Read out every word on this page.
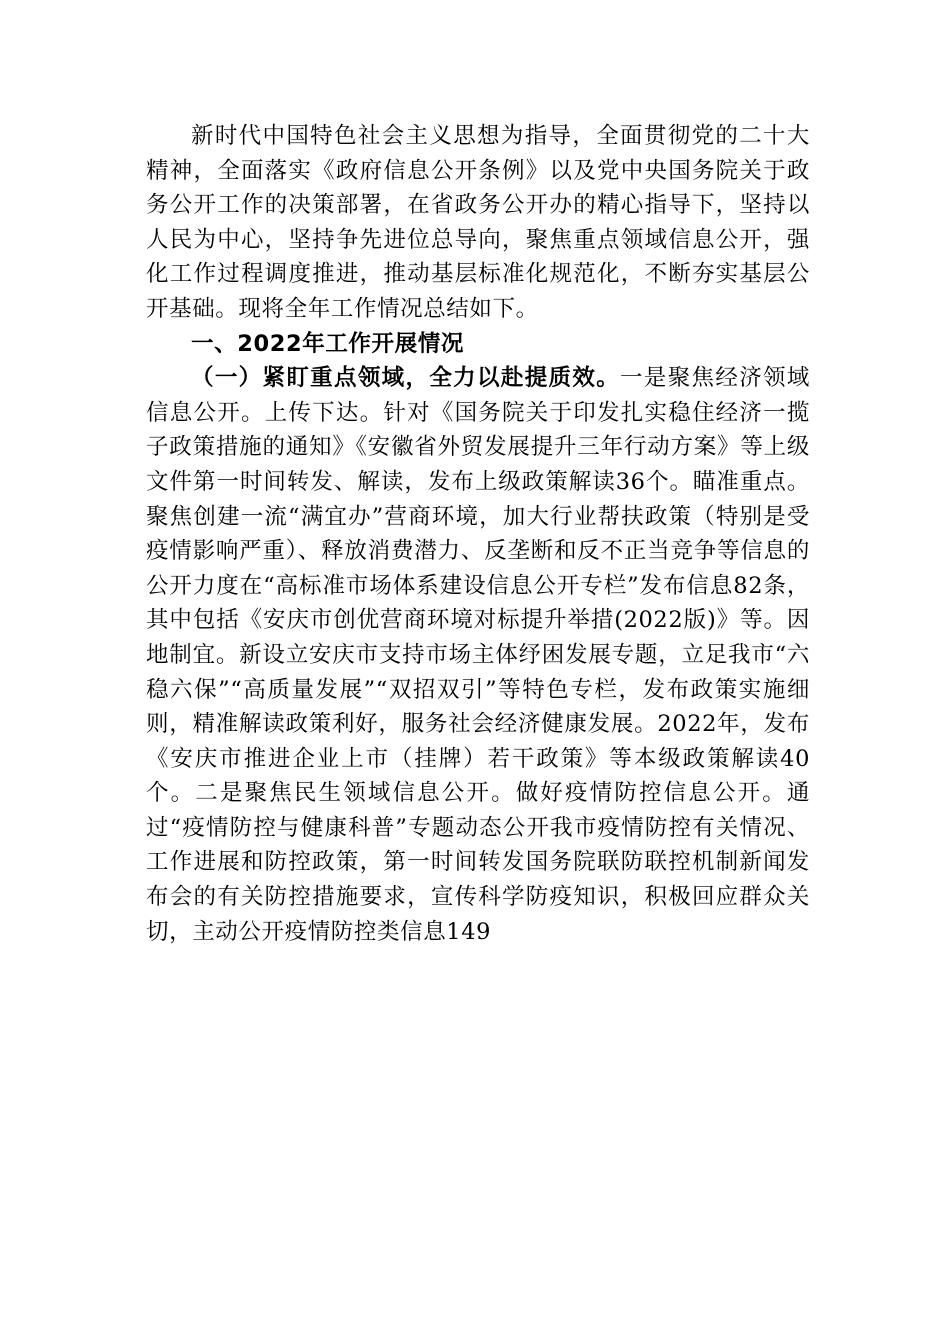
新时代中国特色社会主义思想为指导，全面贯彻党的二十大精神，全面落实《政府信息公开条例》以及党中央国务院关于政务公开工作的决策部署，在省政务公开办的精心指导下，坚持以人民为中心，坚持争先进位总导向，聚焦重点领域信息公开，强化工作过程调度推进，推动基层标准化规范化，不断夯实基层公开基础。现将全年工作情况总结如下。

一、2022年工作开展情况

（一）紧盯重点领域，全力以赴提质效。一是聚焦经济领域信息公开。上传下达。针对《国务院关于印发扎实稳住经济一揽子政策措施的通知》《安徽省外贸发展提升三年行动方案》等上级文件第一时间转发、解读，发布上级政策解读36个。瞄准重点。聚焦创建一流“满宜办”营商环境，加大行业帮扶政策（特别是受疫情影响严重）、释放消费潜力、反垄断和反不正当竞争等信息的公开力度在“高标准市场体系建设信息公开专栏”发布信息82条，其中包括《安庆市创优营商环境对标提升举措(2022版)》等。因地制宜。新设立安庆市支持市场主体纾困发展专题，立足我市“六稳六保”“高质量发展”“双招双引”等特色专栏，发布政策实施细则，精准解读政策利好，服务社会经济健康发展。2022年，发布《安庆市推进企业上市（挂牌）若干政策》等本级政策解读40个。二是聚焦民生领域信息公开。做好疫情防控信息公开。通过“疫情防控与健康科普”专题动态公开我市疫情防控有关情况、工作进展和防控政策，第一时间转发国务院联防联控机制新闻发布会的有关防控措施要求，宣传科学防疫知识，积极回应群众关切，主动公开疫情防控类信息149
